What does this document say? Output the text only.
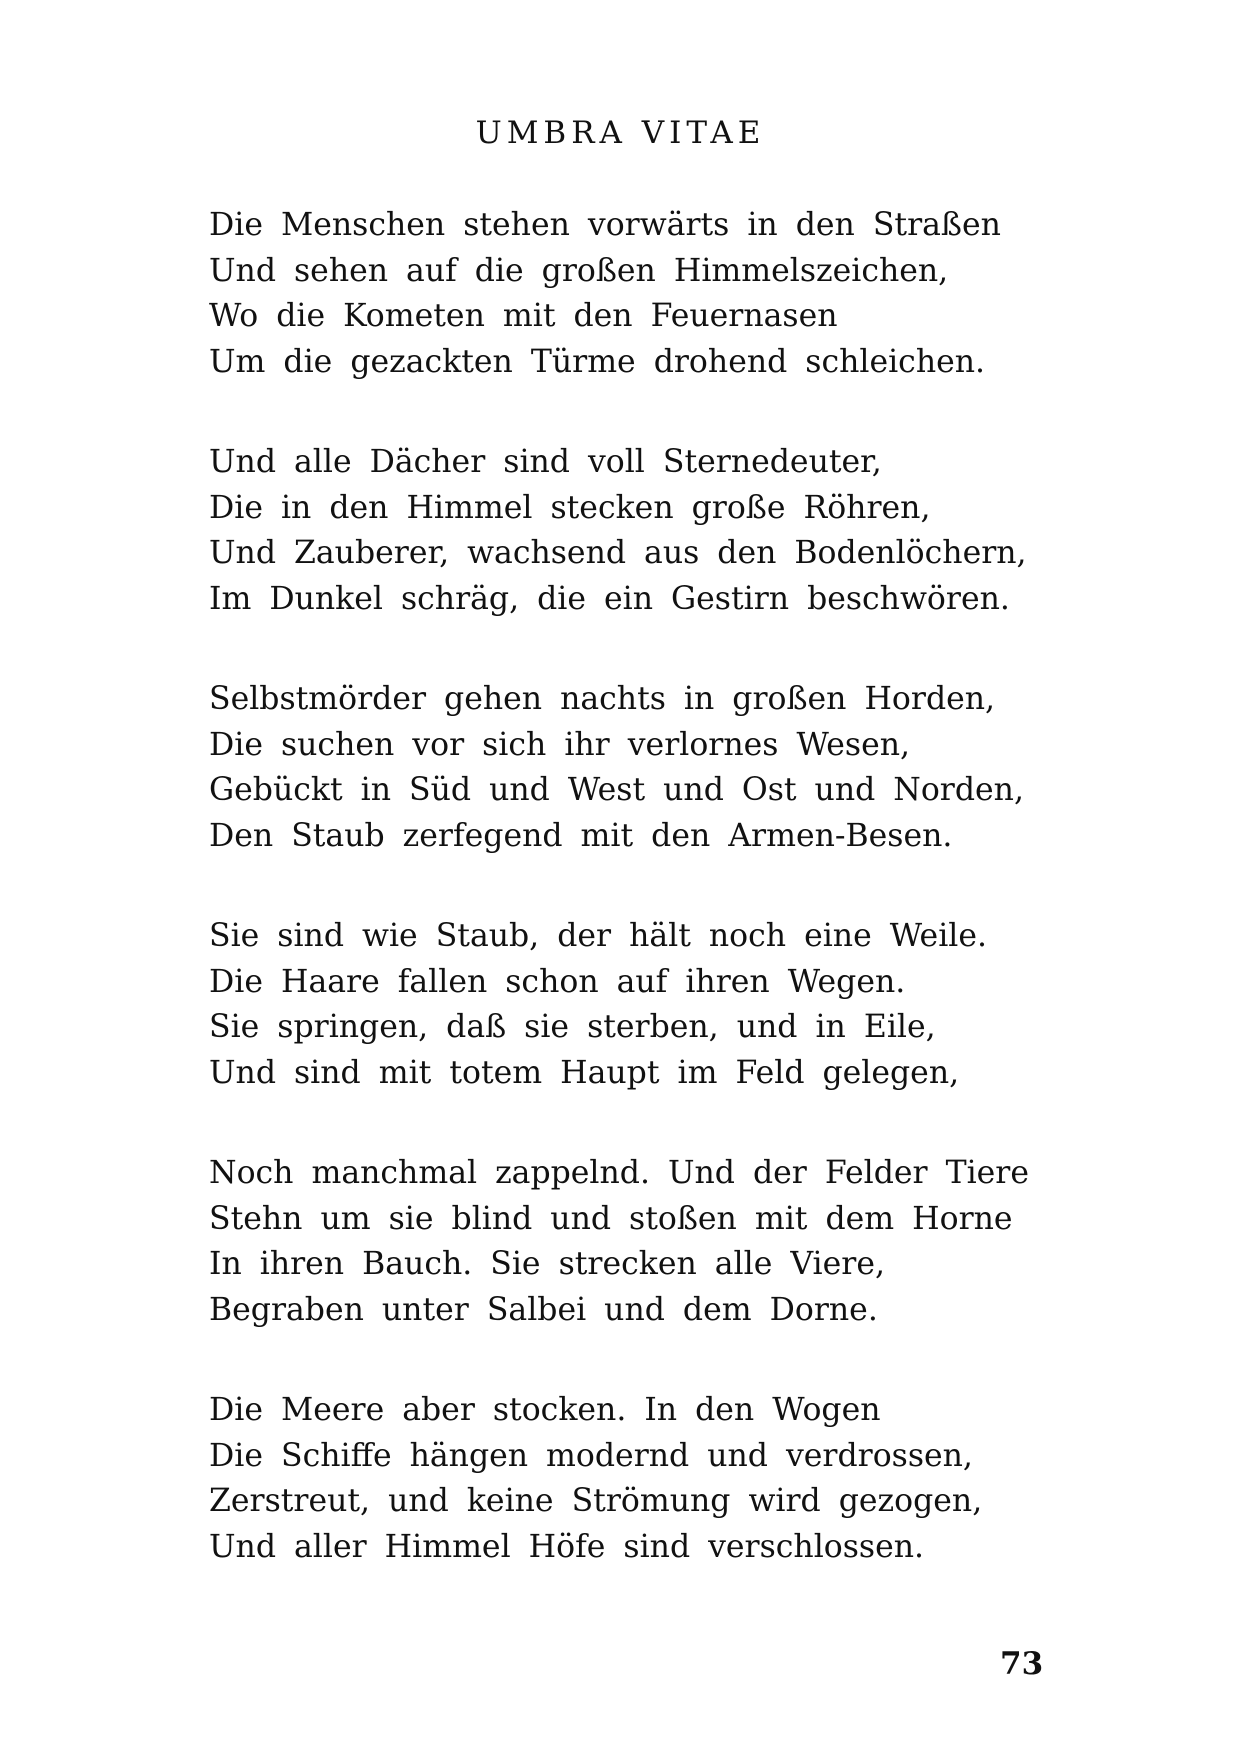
UMBRA VITAE
Die Menschen stehen vorwärts in den Straßen
Und sehen auf die großen Himmelszeichen,
Wo die Kometen mit den Feuernasen
Um die gezackten Türme drohend schleichen.
Und alle Dächer sind voll Sternedeuter,
Die in den Himmel stecken große Röhren,
Und Zauberer, wachsend aus den Bodenlöchern,
Im Dunkel schräg, die ein Gestirn beschwören.
Selbstmörder gehen nachts in großen Horden,
Die suchen vor sich ihr verlornes Wesen,
Gebückt in Süd und West und Ost und Norden,
Den Staub zerfegend mit den Armen-Besen.
Sie sind wie Staub, der hält noch eine Weile.
Die Haare fallen schon auf ihren Wegen.
Sie springen, daß sie sterben, und in Eile,
Und sind mit totem Haupt im Feld gelegen,
Noch manchmal zappelnd. Und der Felder Tiere
Stehn um sie blind und stoßen mit dem Horne
In ihren Bauch. Sie strecken alle Viere,
Begraben unter Salbei und dem Dorne.
Die Meere aber stocken. In den Wogen
Die Schiffe hängen modernd und verdrossen,
Zerstreut, und keine Strömung wird gezogen,
Und aller Himmel Höfe sind verschlossen.
73
